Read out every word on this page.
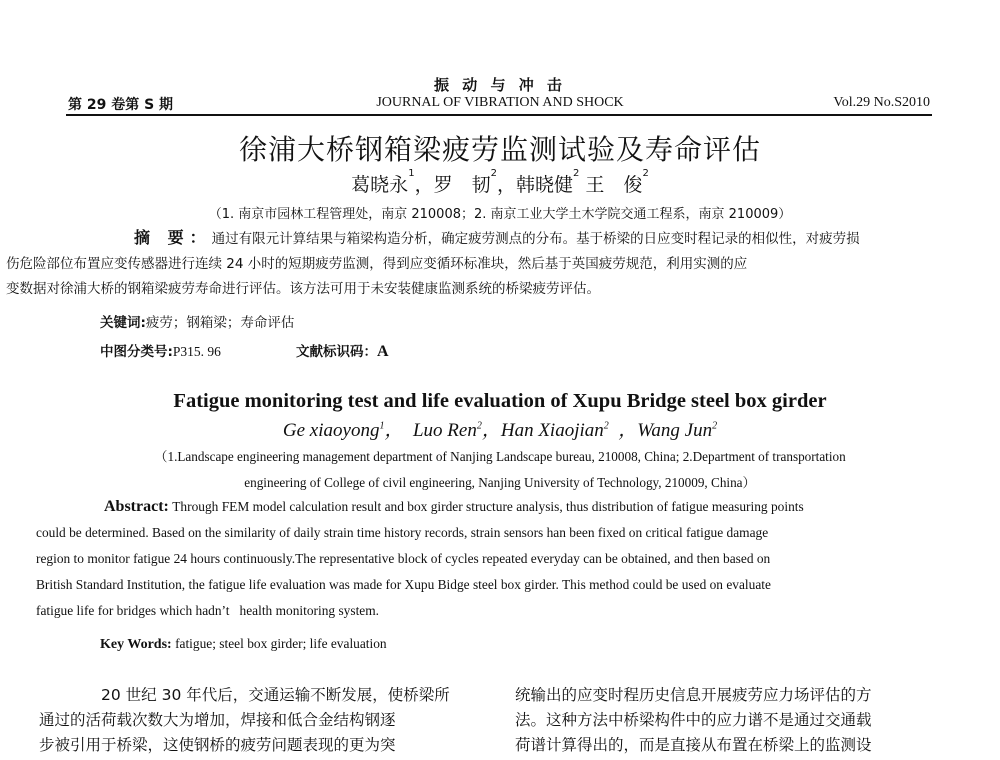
振 动 与 冲 击
第 29 卷第 S 期	JOURNAL OF VIBRATION AND SHOCK	Vol.29 No.S2010
徐浦大桥钢箱梁疲劳监测试验及寿命评估
葛晓永$^1$，罗　韧$^2$，韩晓健$^2$ 王　俊$^2$
（1. 南京市园林工程管理处，南京 210008；2. 南京工业大学土木学院交通工程系，南京 210009）
摘 要：通过有限元计算结果与箱梁构造分析，确定疲劳测点的分布。基于桥梁的日应变时程记录的相似性，对疲劳损
伤危险部位布置应变传感器进行连续 24 小时的短期疲劳监测，得到应变循环标准块，然后基于英国疲劳规范，利用实测的应
变数据对徐浦大桥的钢箱梁疲劳寿命进行评估。该方法可用于未安装健康监测系统的桥梁疲劳评估。
关键词:疲劳；钢箱梁；寿命评估
中图分类号:P315. 96	文献标识码：A
Fatigue monitoring test and life evaluation of Xupu Bridge steel box girder
Ge xiaoyong$^1$，  Luo Ren$^2$，Han Xiaojian$^2$  ，Wang Jun$^2$
（1.Landscape engineering management department of Nanjing Landscape bureau, 210008, China; 2.Department of transportation
engineering of College of civil engineering, Nanjing University of Technology, 210009, China）
Abstract: Through FEM model calculation result and box girder structure analysis, thus distribution of fatigue measuring points
could be determined. Based on the similarity of daily strain time history records, strain sensors han been fixed on critical fatigue damage
region to monitor fatigue 24 hours continuously.The representative block of cycles repeated everyday can be obtained, and then based on
British Standard Institution, the fatigue life evaluation was made for Xupu Bidge steel box girder. This method could be used on evaluate
fatigue life for bridges which hadn’t   health monitoring system.
Key Words: fatigue; steel box girder; life evaluation
20 世纪 30 年代后，交通运输不断发展，使桥梁所
通过的活荷载次数大为增加，焊接和低合金结构钢逐
步被引用于桥梁，这使钢桥的疲劳问题表现的更为突
统输出的应变时程历史信息开展疲劳应力场评估的方
法。这种方法中桥梁构件中的应力谱不是通过交通载
荷谱计算得出的，而是直接从布置在桥梁上的监测设
